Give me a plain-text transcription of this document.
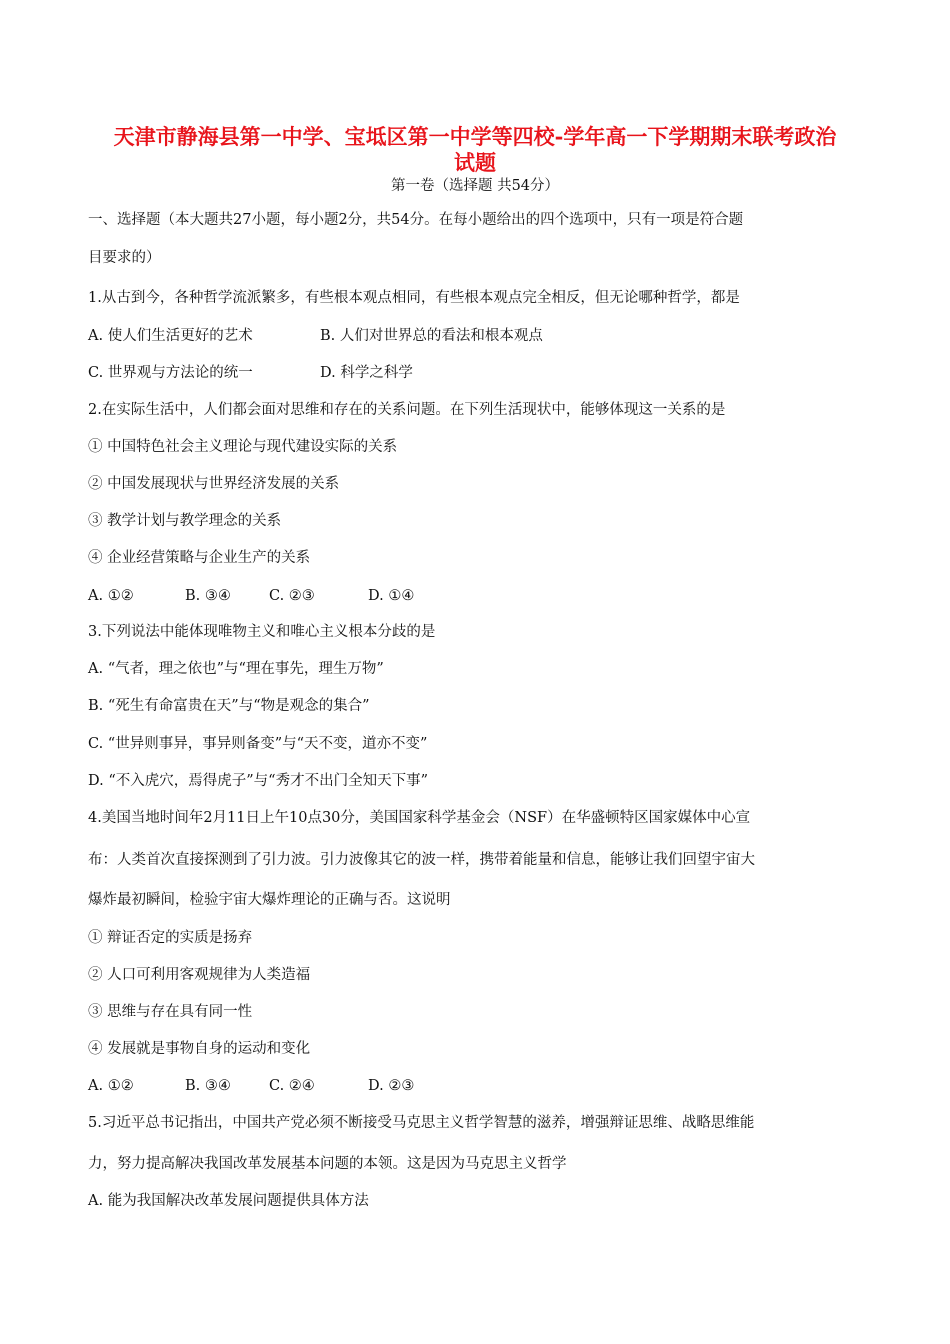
天津市静海县第一中学、宝坻区第一中学等四校-学年高一下学期期末联考政治
试题
第一卷（选择题 共54分）
一、选择题（本大题共27小题，每小题2分，共54分。在每小题给出的四个选项中，只有一项是符合题
目要求的）
1.从古到今，各种哲学流派繁多，有些根本观点相同，有些根本观点完全相反，但无论哪种哲学，都是
A. 使人们生活更好的艺术	B. 人们对世界总的看法和根本观点
C. 世界观与方法论的统一	D. 科学之科学
2.在实际生活中，人们都会面对思维和存在的关系问题。在下列生活现状中，能够体现这一关系的是
① 中国特色社会主义理论与现代建设实际的关系
② 中国发展现状与世界经济发展的关系
③ 教学计划与教学理念的关系
④ 企业经营策略与企业生产的关系
A. ①②	B. ③④	C. ②③	D. ①④
3.下列说法中能体现唯物主义和唯心主义根本分歧的是
A. “气者，理之依也”与“理在事先，理生万物”
B. “死生有命富贵在天”与“物是观念的集合”
C. “世异则事异，事异则备变”与“天不变，道亦不变”
D. “不入虎穴，焉得虎子”与“秀才不出门全知天下事”
4.美国当地时间年2月11日上午10点30分，美国国家科学基金会（NSF）在华盛顿特区国家媒体中心宣
布：人类首次直接探测到了引力波。引力波像其它的波一样，携带着能量和信息，能够让我们回望宇宙大
爆炸最初瞬间，检验宇宙大爆炸理论的正确与否。这说明
① 辩证否定的实质是扬弃
② 人口可利用客观规律为人类造福
③ 思维与存在具有同一性
④ 发展就是事物自身的运动和变化
A. ①②	B. ③④	C. ②④	D. ②③
5.习近平总书记指出，中国共产党必须不断接受马克思主义哲学智慧的滋养，增强辩证思维、战略思维能
力，努力提高解决我国改革发展基本问题的本领。这是因为马克思主义哲学
A. 能为我国解决改革发展问题提供具体方法
